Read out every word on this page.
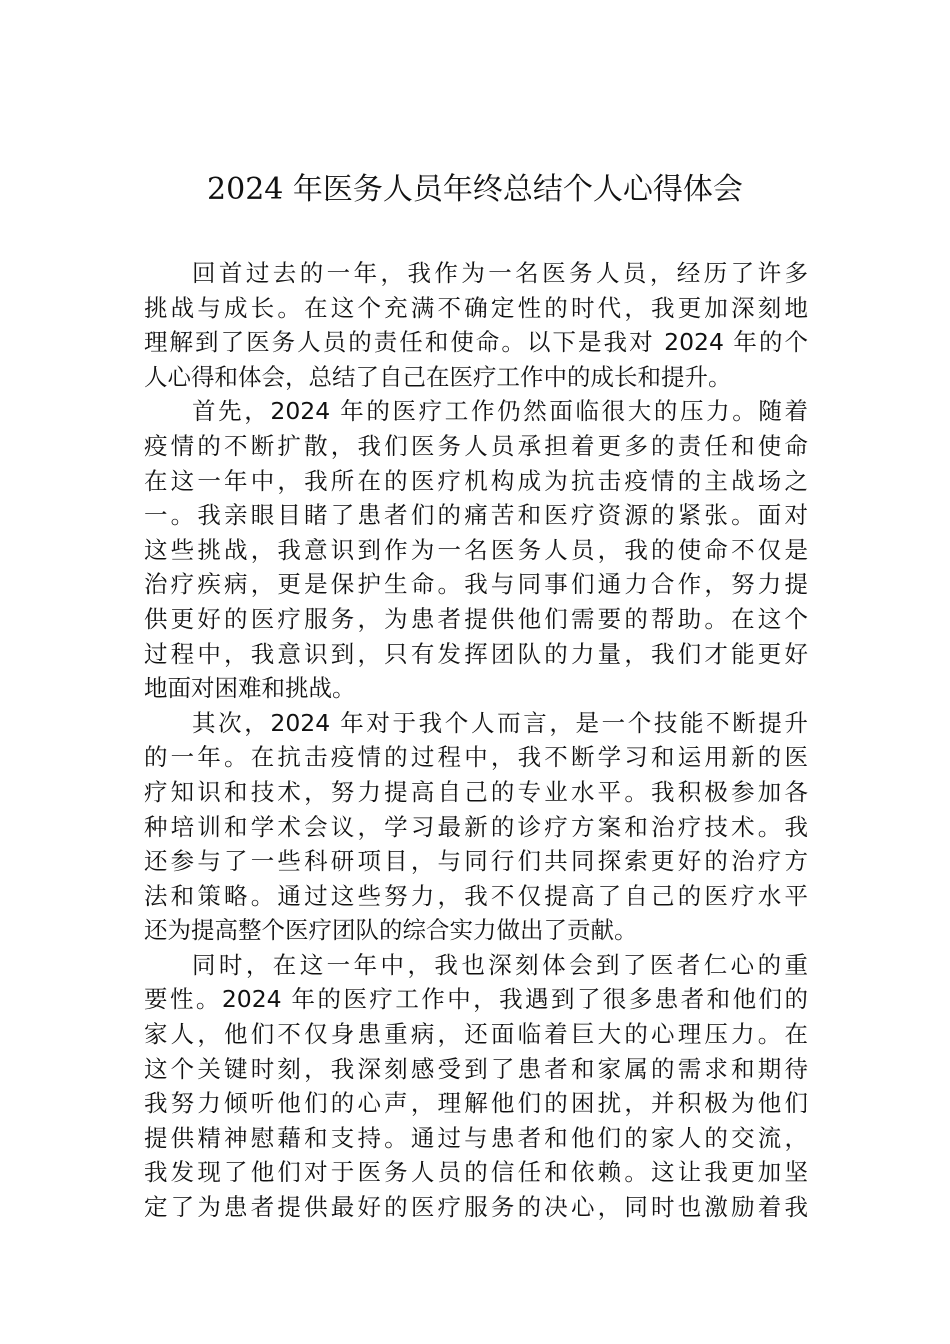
2024 年医务人员年终总结个人心得体会
回首过去的一年，我作为一名医务人员，经历了许多
挑战与成长。在这个充满不确定性的时代，我更加深刻地
理解到了医务人员的责任和使命。以下是我对 2024 年的个
人心得和体会，总结了自己在医疗工作中的成长和提升。
首先，2024 年的医疗工作仍然面临很大的压力。随着
疫情的不断扩散，我们医务人员承担着更多的责任和使命
在这一年中，我所在的医疗机构成为抗击疫情的主战场之
一。我亲眼目睹了患者们的痛苦和医疗资源的紧张。面对
这些挑战，我意识到作为一名医务人员，我的使命不仅是
治疗疾病，更是保护生命。我与同事们通力合作，努力提
供更好的医疗服务，为患者提供他们需要的帮助。在这个
过程中，我意识到，只有发挥团队的力量，我们才能更好
地面对困难和挑战。
其次，2024 年对于我个人而言，是一个技能不断提升
的一年。在抗击疫情的过程中，我不断学习和运用新的医
疗知识和技术，努力提高自己的专业水平。我积极参加各
种培训和学术会议，学习最新的诊疗方案和治疗技术。我
还参与了一些科研项目，与同行们共同探索更好的治疗方
法和策略。通过这些努力，我不仅提高了自己的医疗水平
还为提高整个医疗团队的综合实力做出了贡献。
同时，在这一年中，我也深刻体会到了医者仁心的重
要性。2024 年的医疗工作中，我遇到了很多患者和他们的
家人，他们不仅身患重病，还面临着巨大的心理压力。在
这个关键时刻，我深刻感受到了患者和家属的需求和期待
我努力倾听他们的心声，理解他们的困扰，并积极为他们
提供精神慰藉和支持。通过与患者和他们的家人的交流，
我发现了他们对于医务人员的信任和依赖。这让我更加坚
定了为患者提供最好的医疗服务的决心，同时也激励着我
